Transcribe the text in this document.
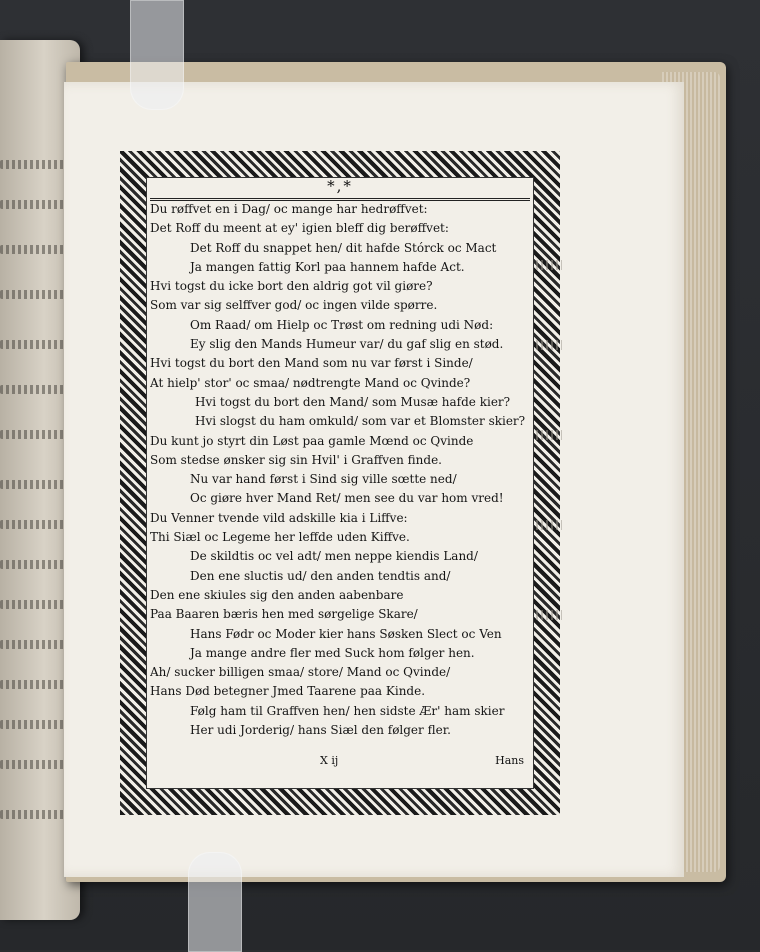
*,*
Du røffvet en i Dag/ oc mange har hedrøffvet:
Det Roff du meent at ey' igien bleff dig berøffvet:
Det Roff du snappet hen/ dit hafde Stórck oc Mact
Ja mangen fattig Korl paa hannem hafde Act.
Hvi togst du icke bort den aldrig got vil giøre?
Som var sig selffver god/ oc ingen vilde spørre.
Om Raad/ om Hielp oc Trøst om redning udi Nød:
Ey slig den Mands Humeur var/ du gaf slig en stød.
Hvi togst du bort den Mand som nu var først i Sinde/
At hielp' stor' oc smaa/ nødtrengte Mand oc Qvinde?
Hvi togst du bort den Mand/ som Musæ hafde kier?
Hvi slogst du ham omkuld/ som var et Blomster skier?
Du kunt jo styrt din Løst paa gamle Mœnd oc Qvinde
Som stedse ønsker sig sin Hvil' i Graffven finde.
Nu var hand først i Sind sig ville sœtte ned/
Oc giøre hver Mand Ret/ men see du var hom vred!
Du Venner tvende vild adskille kia i Liffve:
Thi Siæl oc Legeme her leffde uden Kiffve.
De skildtis oc vel adt/ men neppe kiendis Land/
Den ene sluctis ud/ den anden tendtis and/
Den ene skiules sig den anden aabenbare
Paa Baaren bæris hen med sørgelige Skare/
Hans Fødr oc Moder kier hans Søsken Slect oc Ven
Ja mange andre fler med Suck hom følger hen.
Ah/ sucker billigen smaa/ store/ Mand oc Qvinde/
Hans Død betegner Jmed Taarene paa Kinde.
Følg ham til Graffven hen/ hen sidste Ær' ham skier
Her udi Jorderig/ hans Siæl den følger fler.
X ij	Hans
